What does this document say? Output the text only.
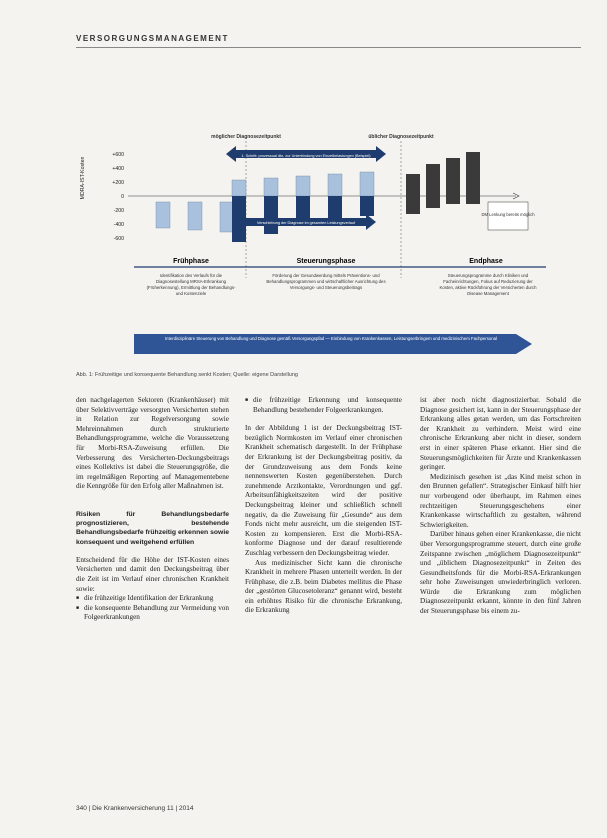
VERSORGUNGSMANAGEMENT
MDRA-IST-Kosten
+600
+400
+200
0
-200
-400
-600
möglicher Diagnosezeitpunkt	üblicher Diagnosezeitpunkt
1. Schritt: prozessual dto. zur Unterbindung von Einzelbelastungen (Beispiel)
Verschiebung der Diagnose im gesamten Leistungsverlauf
DM Lenkung bereits möglich
Frühphase	Steuerungsphase	Endphase
Identifikation des Verlaufs für die Diagnosestellung MRSA-Erkrankung (Früherkennung), Ermittlung der Behandlungs- und Kostenziele
Förderung der Gesundwerdung mittels Präventions- und Behandlungsprogrammen und wirtschaftlicher Ausrichtung des Versorgungs- und Steuerungsbeitrags
Steuerungsprogramme durch Kliniken und Facheinrichtungen, Fokus auf Reduzierung der Kosten, aktive Rückführung der Versicherten durch Disease Management
Interdisziplinäre Steuerung von Behandlung und Diagnose gemäß Versorgungspfad — Einbindung von Krankenkassen, Leistungserbringern und medizinischem Fachpersonal
Abb. 1: Frühzeitige und konsequente Behandlung senkt Kosten; Quelle: eigene Darstellung

den nachgelagerten Sektoren (Krankenhäuser) mit über Selektivverträge versorgten Versicherten stehen in Relation zur Regelversorgung sowie Mehreinnahmen durch strukturierte Behandlungsprogramme, welche die Voraussetzung für Morbi-RSA-Zuweisung erfüllen. Die Verbesserung des Versicherten-Deckungsbeitrags eines Kollektivs ist dabei die Steuerungsgröße, die im regelmäßigen Reporting auf Managementebene die Kenngröße für den Erfolg aller Maßnahmen ist.

Risiken für Behandlungsbedarfe prognostizieren, bestehende Behandlungsbedarfe frühzeitig erkennen sowie konsequent und weitgehend erfüllen

Entscheidend für die Höhe der IST-Kosten eines Versicherten und damit den Deckungsbeitrag über die Zeit ist im Verlauf einer chronischen Krankheit sowie:

■ die frühzeitige Identifikation der Erkrankung
■ die konsequente Behandlung zur Vermeidung von Folgeerkrankungen
■ die frühzeitige Erkennung und konsequente Behandlung bestehender Folgeerkrankungen.

In der Abbildung 1 ist der Deckungsbeitrag IST- bezüglich Normkosten im Verlauf einer chronischen Krankheit schematisch dargestellt. In der Frühphase der Erkrankung ist der Deckungsbeitrag positiv, da der Grundzuweisung aus dem Fonds keine nennenswerten Kosten gegenüberstehen. Durch zunehmende Arztkontakte, Verordnungen und ggf. Arbeitsunfähigkeitszeiten wird der positive Deckungsbeitrag kleiner und schließlich schnell negativ, da die Zuweisung für „Gesunde“ aus dem Fonds nicht mehr ausreicht, um die steigenden IST-Kosten zu kompensieren. Erst die Morbi-RSA-konforme Diagnose und der darauf resultierende Zuschlag verbessern den Deckungsbeitrag wieder.

Aus medizinischer Sicht kann die chronische Krankheit in mehrere Phasen unterteilt werden. In der Frühphase, die z.B. beim Diabetes mellitus die Phase der „gestörten Glucosetoleranz“ genannt wird, besteht ein erhöhtes Risiko für die chronische Erkrankung, die Erkrankung

ist aber noch nicht diagnostizierbar. Sobald die Diagnose gesichert ist, kann in der Steuerungsphase der Erkrankung alles getan werden, um das Fortschreiten der Krankheit zu verhindern. Meist wird eine chronische Erkrankung aber nicht in dieser, sondern erst in einer späteren Phase erkannt. Hier sind die Steuerungsmöglichkeiten für Ärzte und Krankenkassen geringer.

Medizinisch gesehen ist „das Kind meist schon in den Brunnen gefallen“. Strategischer Einkauf hilft hier nur vorbeugend oder überhaupt, im Rahmen eines rechtzeitigen Steuerungsgeschehens einer Krankenkasse wirtschaftlich zu gestalten, während Schwierigkeiten.

Darüber hinaus gehen einer Krankenkasse, die nicht über Versorgungsprogramme steuert, durch eine große Zeitspanne zwischen „möglichem Diagnosezeitpunkt“ und „üblichem Diagnosezeitpunkt“ in Zeiten des Gesundheitsfonds für die Morbi-RSA-Erkrankungen sehr hohe Zuweisungen unwiederbringlich verloren. Würde die Erkrankung zum möglichen Diagnosezeitpunkt erkannt, könnte in den fünf Jahren der Steuerungsphase bis einem zu-

340 | Die Krankenversicherung 11 | 2014
